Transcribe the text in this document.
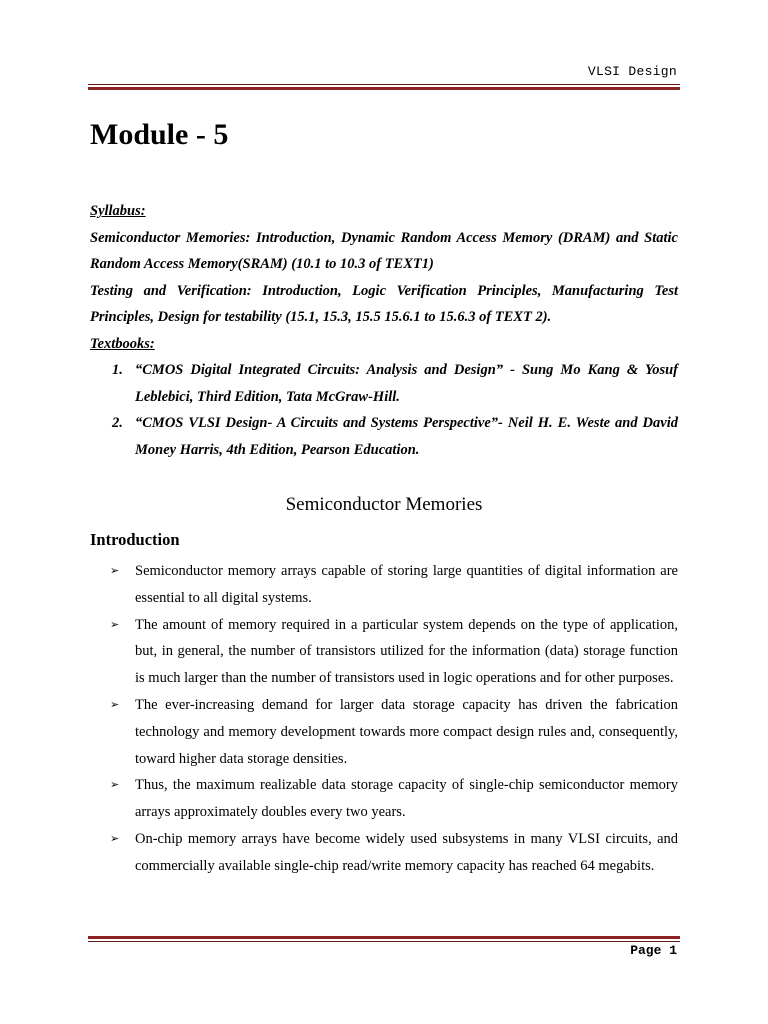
VLSI Design
Module - 5

Syllabus:

Semiconductor Memories: Introduction, Dynamic Random Access Memory (DRAM) and Static Random Access Memory(SRAM) (10.1 to 10.3 of TEXT1)

Testing and Verification: Introduction, Logic Verification Principles, Manufacturing Test Principles, Design for testability (15.1, 15.3, 15.5 15.6.1 to 15.6.3 of TEXT 2).

Textbooks:

1. “CMOS Digital Integrated Circuits: Analysis and Design” - Sung Mo Kang & Yosuf Leblebici, Third Edition, Tata McGraw-Hill.
2. “CMOS VLSI Design- A Circuits and Systems Perspective”- Neil H. E. Weste and David Money Harris, 4th Edition, Pearson Education.
Semiconductor Memories
Introduction
➢ Semiconductor memory arrays capable of storing large quantities of digital information are essential to all digital systems.
➢ The amount of memory required in a particular system depends on the type of application, but, in general, the number of transistors utilized for the information (data) storage function is much larger than the number of transistors used in logic operations and for other purposes.
➢ The ever-increasing demand for larger data storage capacity has driven the fabrication technology and memory development towards more compact design rules and, consequently, toward higher data storage densities.
➢ Thus, the maximum realizable data storage capacity of single-chip semiconductor memory arrays approximately doubles every two years.
➢ On-chip memory arrays have become widely used subsystems in many VLSI circuits, and commercially available single-chip read/write memory capacity has reached 64 megabits.
Page 1
